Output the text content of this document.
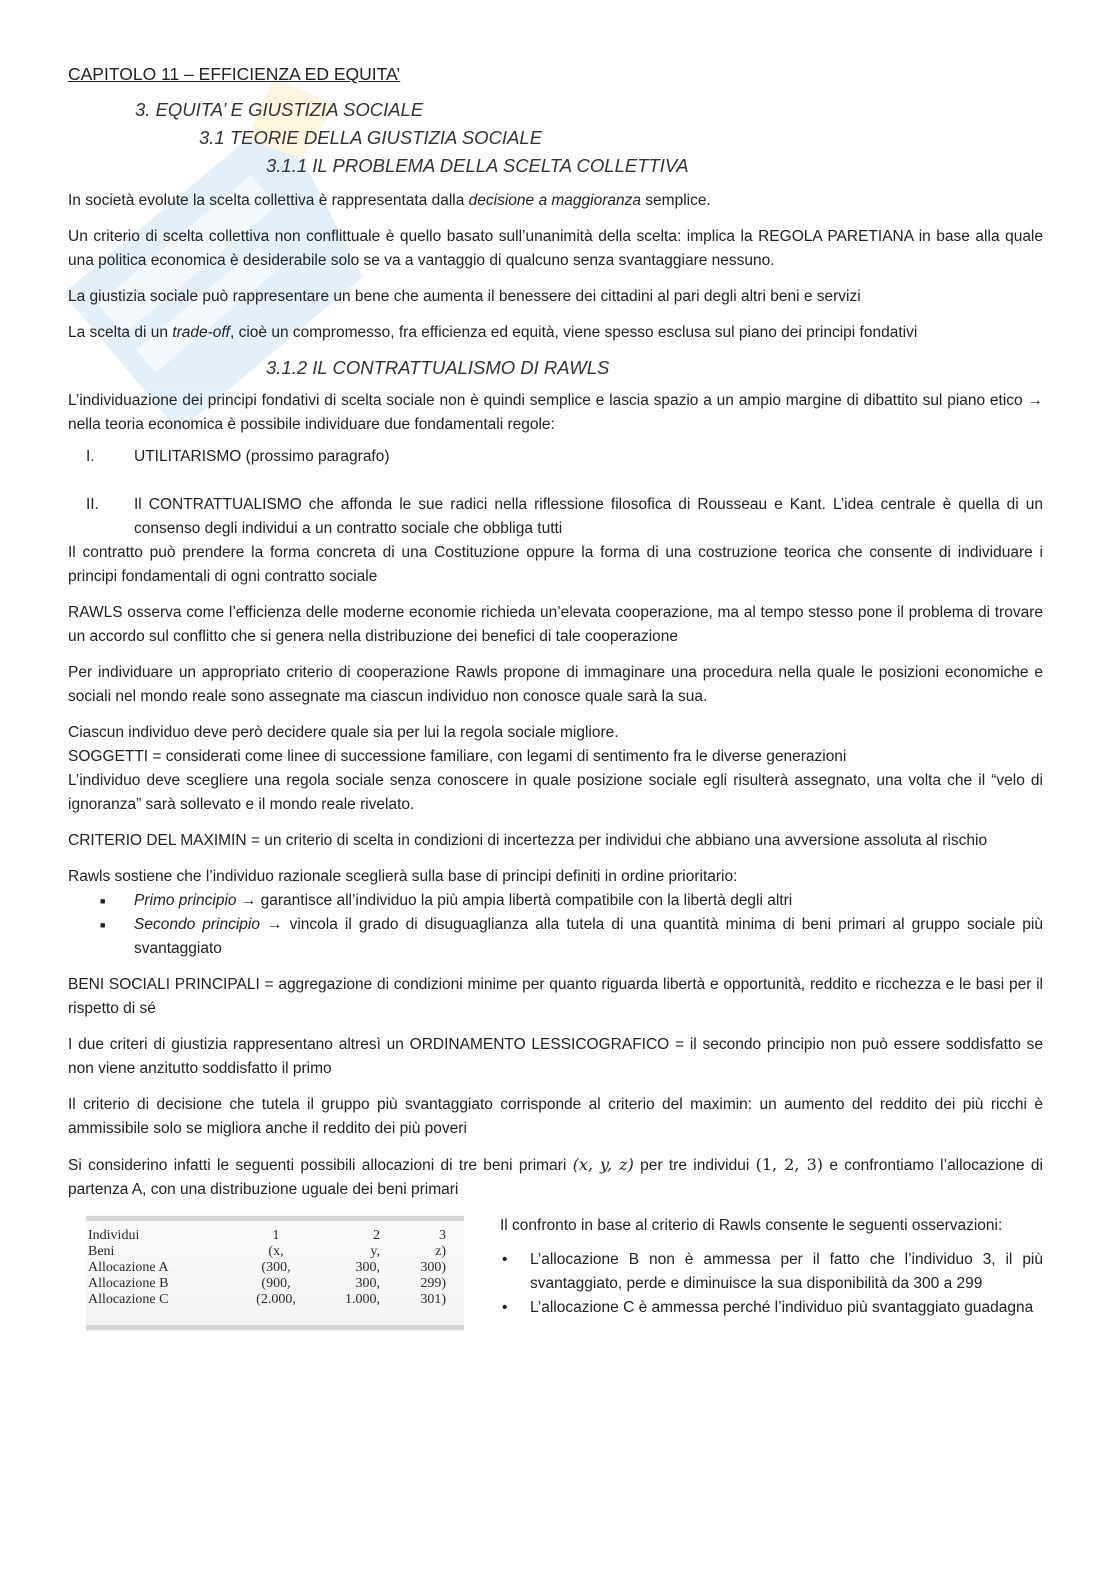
CAPITOLO 11 – EFFICIENZA ED EQUITA’
3. EQUITA’ E GIUSTIZIA SOCIALE
3.1 TEORIE DELLA GIUSTIZIA SOCIALE
3.1.1 IL PROBLEMA DELLA SCELTA COLLETTIVA

In società evolute la scelta collettiva è rappresentata dalla decisione a maggioranza semplice.

Un criterio di scelta collettiva non conflittuale è quello basato sull’unanimità della scelta: implica la REGOLA PARETIANA in base alla quale una politica economica è desiderabile solo se va a vantaggio di qualcuno senza svantaggiare nessuno.

La giustizia sociale può rappresentare un bene che aumenta il benessere dei cittadini al pari degli altri beni e servizi

La scelta di un trade-off, cioè un compromesso, fra efficienza ed equità, viene spesso esclusa sul piano dei principi fondativi

3.1.2 IL CONTRATTUALISMO DI RAWLS

L’individuazione dei principi fondativi di scelta sociale non è quindi semplice e lascia spazio a un ampio margine di dibattito sul piano etico → nella teoria economica è possibile individuare due fondamentali regole:

I.	UTILITARISMO (prossimo paragrafo)
II.	Il CONTRATTUALISMO che affonda le sue radici nella riflessione filosofica di Rousseau e Kant. L’idea centrale è quella di un consenso degli individui a un contratto sociale che obbliga tutti

Il contratto può prendere la forma concreta di una Costituzione oppure la forma di una costruzione teorica che consente di individuare i principi fondamentali di ogni contratto sociale

RAWLS osserva come l’efficienza delle moderne economie richieda un’elevata cooperazione, ma al tempo stesso pone il problema di trovare un accordo sul conflitto che si genera nella distribuzione dei benefici di tale cooperazione

Per individuare un appropriato criterio di cooperazione Rawls propone di immaginare una procedura nella quale le posizioni economiche e sociali nel mondo reale sono assegnate ma ciascun individuo non conosce quale sarà la sua.

Ciascun individuo deve però decidere quale sia per lui la regola sociale migliore.
SOGGETTI = considerati come linee di successione familiare, con legami di sentimento fra le diverse generazioni
L’individuo deve scegliere una regola sociale senza conoscere in quale posizione sociale egli risulterà assegnato, una volta che il “velo di ignoranza” sarà sollevato e il mondo reale rivelato.

CRITERIO DEL MAXIMIN = un criterio di scelta in condizioni di incertezza per individui che abbiano una avversione assoluta al rischio

Rawls sostiene che l’individuo razionale sceglierà sulla base di principi definiti in ordine prioritario:

■	Primo principio → garantisce all’individuo la più ampia libertà compatibile con la libertà degli altri
■	Secondo principio → vincola il grado di disuguaglianza alla tutela di una quantità minima di beni primari al gruppo sociale più svantaggiato

BENI SOCIALI PRINCIPALI = aggregazione di condizioni minime per quanto riguarda libertà e opportunità, reddito e ricchezza e le basi per il rispetto di sé

I due criteri di giustizia rappresentano altresì un ORDINAMENTO LESSICOGRAFICO = il secondo principio non può essere soddisfatto se non viene anzitutto soddisfatto il primo

Il criterio di decisione che tutela il gruppo più svantaggiato corrisponde al criterio del maximin: un aumento del reddito dei più ricchi è ammissibile solo se migliora anche il reddito dei più poveri

Si considerino infatti le seguenti possibili allocazioni di tre beni primari (x, y, z) per tre individui (1, 2, 3) e confrontiamo l’allocazione di partenza A, con una distribuzione uguale dei beni primari

Individui	1	2	3
Beni	(x,	y,	z)
Allocazione A	(300,	300,	300)
Allocazione B	(900,	300,	299)
Allocazione C	(2.000,	1.000,	301)

Il confronto in base al criterio di Rawls consente le seguenti osservazioni:

•	L’allocazione B non è ammessa per il fatto che l’individuo 3, il più svantaggiato, perde e diminuisce la sua disponibilità da 300 a 299
•	L’allocazione C è ammessa perché l’individuo più svantaggiato guadagna
